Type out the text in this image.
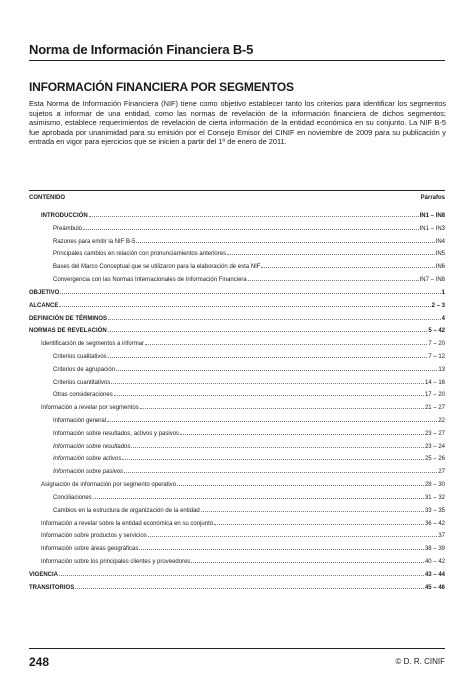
Norma de Información Financiera B-5
INFORMACIÓN FINANCIERA POR SEGMENTOS

Esta Norma de Información Financiera (NIF) tiene como objetivo establecer tanto los criterios para identificar los segmentos sujetos a informar de una entidad, como las normas de revelación de la información financiera de dichos segmentos; asimismo, establece requerimientos de revelación de cierta información de la entidad económica en su conjunto. La NIF B-5 fue aprobada por unanimidad para su emisión por el Consejo Emisor del CINIF en noviembre de 2009 para su publicación y entrada en vigor para ejercicios que se inicien a partir del 1º de enero de 2011.

CONTENIDO	Párrafos
INTRODUCCIÓN	IN1 – IN8
Preámbulo	IN1 – IN3
Razones para emitir la NIF B-5	IN4
Principales cambios en relación con pronunciamientos anteriores	IN5
Bases del Marco Conceptual que se utilizaron para la elaboración de esta NIF	IN6
Convergencia con las Normas Internacionales de Información Financiera	IN7 – IN8
OBJETIVO	1
ALCANCE	2 – 3
DEFINICIÓN DE TÉRMINOS	4
NORMAS DE REVELACIÓN	5 – 42
Identificación de segmentos a informar	7 – 20
Criterios cualitativos	7 – 12
Criterios de agrupación	13
Criterios cuantitativos	14 – 16
Otras consideraciones	17 – 20
Información a revelar por segmentos	21 – 27
Información general	22
Información sobre resultados, activos y pasivos	23 – 27
Información sobre resultados	23 – 24
Información sobre activos	25 – 26
Información sobre pasivos	27
Asignación de información por segmento operativo	28 – 30
Conciliaciones	31 – 32
Cambios en la estructura de organización de la entidad	33 – 35
Información a revelar sobre la entidad económica en su conjunto	36 – 42
Información sobre productos y servicios	37
Información sobre áreas geográficas	38 – 39
Información sobre los principales clientes y proveedores	40 – 42
VIGENCIA	43 – 44
TRANSITORIOS	45 – 46
248	© D. R. CINIF
